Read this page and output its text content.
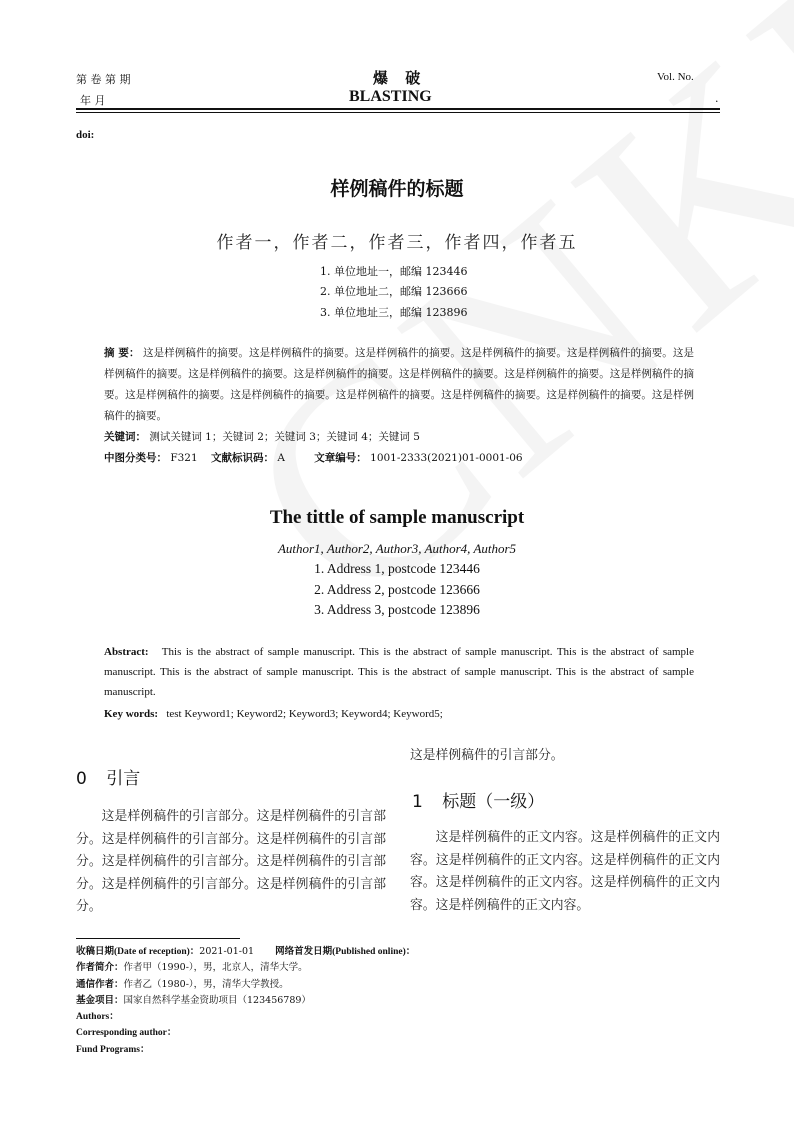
第 卷 第 期
年 月
爆 破
BLASTING
Vol. No.
.
doi:
样例稿件的标题
作者一，作者二，作者三，作者四，作者五
1. 单位地址一，邮编 123446
2. 单位地址二，邮编 123666
3. 单位地址三，邮编 123896
摘 要： 这是样例稿件的摘要。这是样例稿件的摘要。这是样例稿件的摘要。这是样例稿件的摘要。这是样例稿件的摘要。这是样例稿件的摘要。这是样例稿件的摘要。这是样例稿件的摘要。这是样例稿件的摘要。这是样例稿件的摘要。这是样例稿件的摘要。这是样例稿件的摘要。这是样例稿件的摘要。这是样例稿件的摘要。这是样例稿件的摘要。这是样例稿件的摘要。这是样例稿件的摘要。
关键词： 测试关键词 1；关键词 2；关键词 3；关键词 4；关键词 5
中图分类号： F321 文献标识码： A	文章编号： 1001-2333(2021)01-0001-06
The tittle of sample manuscript
Author1, Author2, Author3, Author4, Author5
1. Address 1, postcode 123446
2. Address 2, postcode 123666
3. Address 3, postcode 123896
Abstract: This is the abstract of sample manuscript. This is the abstract of sample manuscript. This is the abstract of sample manuscript. This is the abstract of sample manuscript. This is the abstract of sample manuscript. This is the abstract of sample manuscript.
Key words: test Keyword1; Keyword2; Keyword3; Keyword4; Keyword5;
0 引言
这是样例稿件的引言部分。这是样例稿件的引言部分。这是样例稿件的引言部分。这是样例稿件的引言部分。这是样例稿件的引言部分。这是样例稿件的引言部分。这是样例稿件的引言部分。这是样例稿件的引言部分。
这是样例稿件的引言部分。
1 标题（一级）
这是样例稿件的正文内容。这是样例稿件的正文内容。这是样例稿件的正文内容。这是样例稿件的正文内容。这是样例稿件的正文内容。这是样例稿件的正文内容。这是样例稿件的正文内容。
收稿日期(Date of reception)：2021-01-01 网络首发日期(Published online)：
作者简介：作者甲（1990-），男，北京人，清华大学。
通信作者：作者乙（1980-），男，清华大学教授。
基金项目：国家自然科学基金资助项目（123456789）
Authors：
Corresponding author：
Fund Programs：
